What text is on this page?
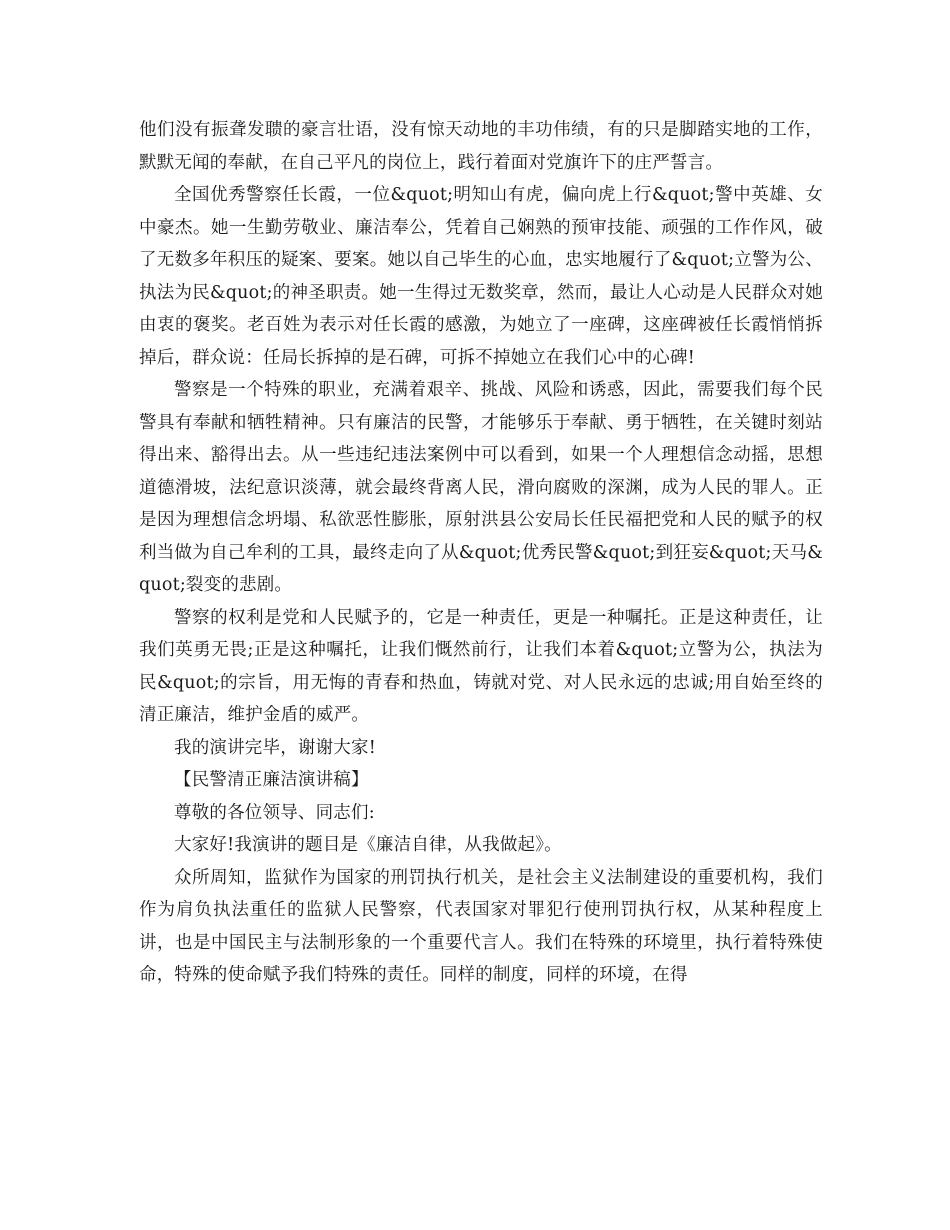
他们没有振聋发聩的豪言壮语，没有惊天动地的丰功伟绩，有的只是脚踏实地的工作，默默无闻的奉献，在自己平凡的岗位上，践行着面对党旗许下的庄严誓言。

全国优秀警察任长霞，一位&quot;明知山有虎，偏向虎上行&quot;警中英雄、女中豪杰。她一生勤劳敬业、廉洁奉公，凭着自己娴熟的预审技能、顽强的工作作风，破了无数多年积压的疑案、要案。她以自己毕生的心血，忠实地履行了&quot;立警为公、执法为民&quot;的神圣职责。她一生得过无数奖章，然而，最让人心动是人民群众对她由衷的褒奖。老百姓为表示对任长霞的感激，为她立了一座碑，这座碑被任长霞悄悄拆掉后，群众说：任局长拆掉的是石碑，可拆不掉她立在我们心中的心碑!

警察是一个特殊的职业，充满着艰辛、挑战、风险和诱惑，因此，需要我们每个民警具有奉献和牺牲精神。只有廉洁的民警，才能够乐于奉献、勇于牺牲，在关键时刻站得出来、豁得出去。从一些违纪违法案例中可以看到，如果一个人理想信念动摇，思想道德滑坡，法纪意识淡薄，就会最终背离人民，滑向腐败的深渊，成为人民的罪人。正是因为理想信念坍塌、私欲恶性膨胀，原射洪县公安局长任民福把党和人民的赋予的权利当做为自己牟利的工具，最终走向了从&quot;优秀民警&quot;到狂妄&quot;天马&quot;裂变的悲剧。

警察的权利是党和人民赋予的，它是一种责任，更是一种嘱托。正是这种责任，让我们英勇无畏;正是这种嘱托，让我们慨然前行，让我们本着&quot;立警为公，执法为民&quot;的宗旨，用无悔的青春和热血，铸就对党、对人民永远的忠诚;用自始至终的清正廉洁，维护金盾的威严。

我的演讲完毕，谢谢大家!

【民警清正廉洁演讲稿】

尊敬的各位领导、同志们:

大家好!我演讲的题目是《廉洁自律，从我做起》。

众所周知，监狱作为国家的刑罚执行机关，是社会主义法制建设的重要机构，我们作为肩负执法重任的监狱人民警察，代表国家对罪犯行使刑罚执行权，从某种程度上讲，也是中国民主与法制形象的一个重要代言人。我们在特殊的环境里，执行着特殊使命，特殊的使命赋予我们特殊的责任。同样的制度，同样的环境，在得
